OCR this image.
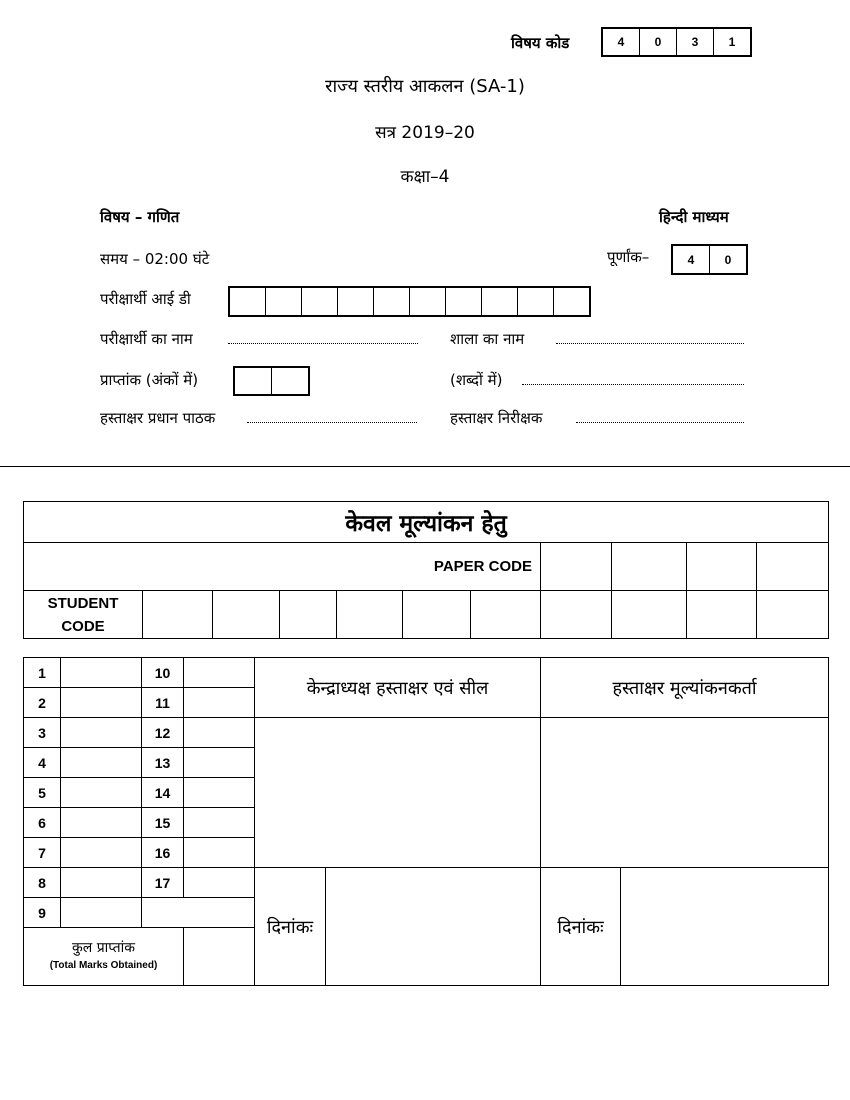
विषय कोड	4	0	3	1
राज्य स्तरीय आकलन (SA-1)
सत्र 2019–20
कक्षा–4
विषय – गणित	हिन्दी माध्यम
समय – 02:00 घंटे	पूर्णांक–	4	0
परीक्षार्थी आई डी
परीक्षार्थी का नाम	शाला का नाम
प्राप्तांक (अंकों में)	(शब्दों में)
हस्ताक्षर प्रधान पाठक	हस्ताक्षर निरीक्षक
केवल मूल्यांकन हेतु										
PAPER CODE										

STUDENT
CODE										

1		10		केन्द्राध्यक्ष हस्ताक्षर एवं सील		हस्ताक्षर मूल्यांकनकर्ता	
2		11					
3		12					
4		13					
5		14					
6		15					
7		16					
8		17		दिनांकः		दिनांकः	
9							

कुल प्राप्तांक
(Total Marks Obtained)							
